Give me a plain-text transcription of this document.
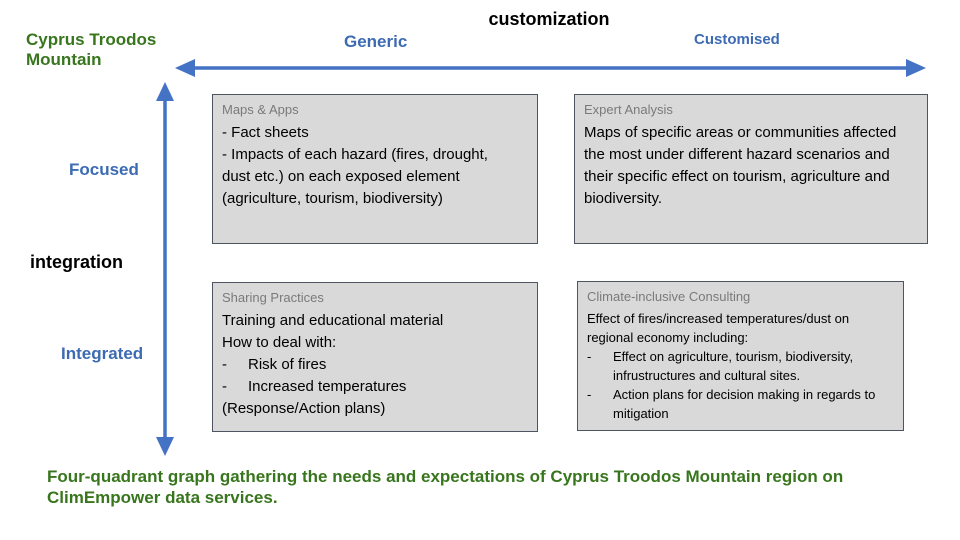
Cyprus Troodos Mountain
customization
Generic	Customised
integration
Focused
Integrated
Maps & Apps
- Fact sheets
- Impacts of each hazard (fires, drought,
dust etc.) on each exposed element
(agriculture, tourism, biodiversity)
Expert Analysis
Maps of specific areas or communities affected the most under different hazard scenarios and their specific effect on tourism, agriculture and biodiversity.
Sharing Practices
Training and educational material
How to deal with:
-	Risk of fires
-	Increased temperatures
(Response/Action plans)
Climate-inclusive Consulting
Effect of fires/increased temperatures/dust on regional economy including:
-	Effect on agriculture, tourism, biodiversity, infrustructures and cultural sites.
-	Action plans for decision making in regards to mitigation
Four-quadrant graph gathering the needs and expectations of Cyprus Troodos Mountain region on ClimEmpower data services.
